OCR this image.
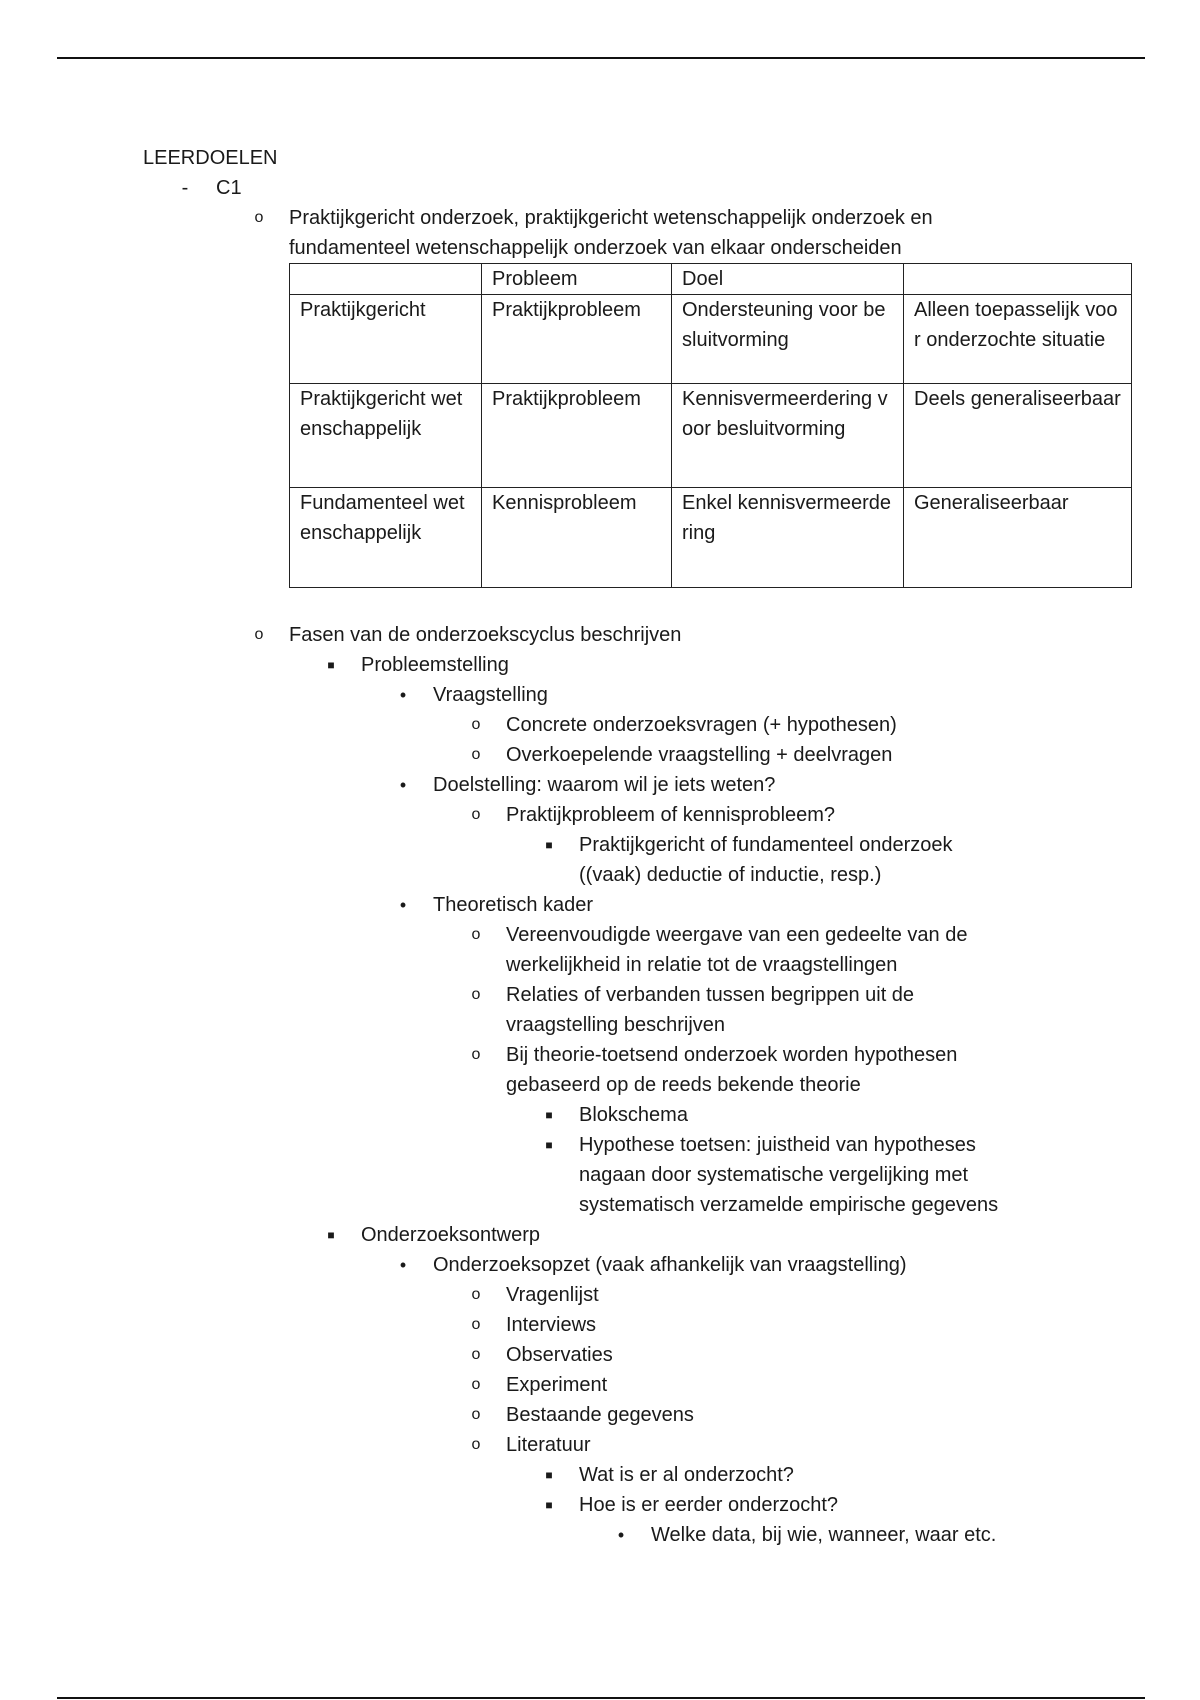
LEERDOELEN
-	C1
o Praktijkgericht onderzoek, praktijkgericht wetenschappelijk onderzoek en
fundamenteel wetenschappelijk onderzoek van elkaar onderscheiden

	Probleem	Doel	

Praktijkgericht	Praktijkprobleem	Ondersteuning voor besluitvorming	Alleen toepasselijk voor onderzochte situatie

Praktijkgericht wetenschappelijk	Praktijkprobleem	Kennisvermeerdering voor besluitvorming	Deels generaliseerbaar

Fundamenteel wetenschappelijk	Kennisprobleem	Enkel kennisvermeerdering	Generaliseerbaar
o Fasen van de onderzoekscyclus beschrijven
■	Probleemstelling
•	Vraagstelling
o Concrete onderzoeksvragen (+ hypothesen)
o Overkoepelende vraagstelling + deelvragen
•	Doelstelling: waarom wil je iets weten?
o Praktijkprobleem of kennisprobleem?
■	Praktijkgericht of fundamenteel onderzoek
((vaak) deductie of inductie, resp.)
•	Theoretisch kader
o Vereenvoudigde weergave van een gedeelte van de
werkelijkheid in relatie tot de vraagstellingen
o Relaties of verbanden tussen begrippen uit de
vraagstelling beschrijven
o Bij theorie-toetsend onderzoek worden hypothesen
gebaseerd op de reeds bekende theorie
■	Blokschema
■	Hypothese toetsen: juistheid van hypotheses
nagaan door systematische vergelijking met
systematisch verzamelde empirische gegevens
■	Onderzoeksontwerp
•	Onderzoeksopzet (vaak afhankelijk van vraagstelling)
o Vragenlijst
o Interviews
o Observaties
o Experiment
o Bestaande gegevens
o Literatuur
■	Wat is er al onderzocht?
■	Hoe is er eerder onderzocht?
•	Welke data, bij wie, wanneer, waar etc.
